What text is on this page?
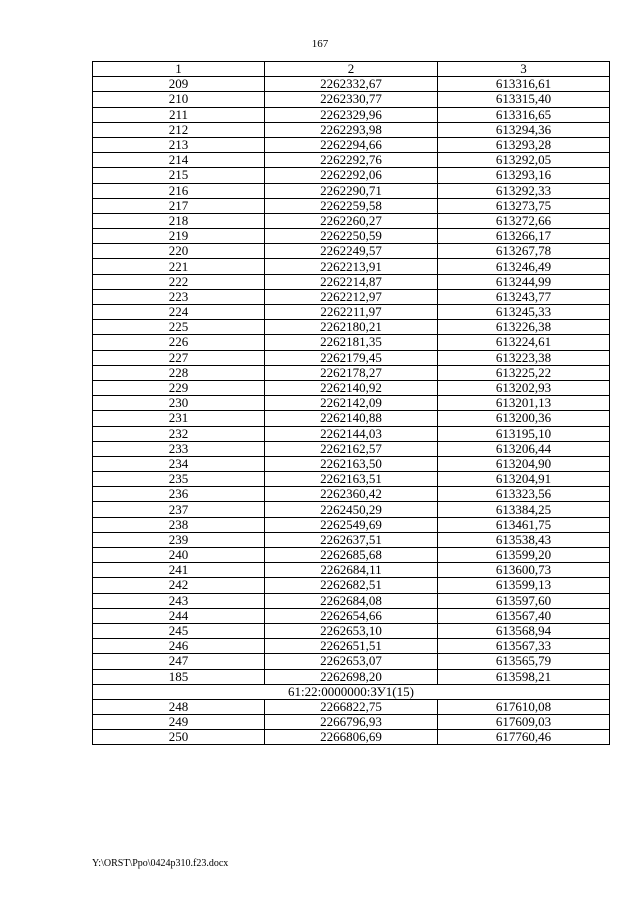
167
1	2	3
209	2262332,67	613316,61
210	2262330,77	613315,40
211	2262329,96	613316,65
212	2262293,98	613294,36
213	2262294,66	613293,28
214	2262292,76	613292,05
215	2262292,06	613293,16
216	2262290,71	613292,33
217	2262259,58	613273,75
218	2262260,27	613272,66
219	2262250,59	613266,17
220	2262249,57	613267,78
221	2262213,91	613246,49
222	2262214,87	613244,99
223	2262212,97	613243,77
224	2262211,97	613245,33
225	2262180,21	613226,38
226	2262181,35	613224,61
227	2262179,45	613223,38
228	2262178,27	613225,22
229	2262140,92	613202,93
230	2262142,09	613201,13
231	2262140,88	613200,36
232	2262144,03	613195,10
233	2262162,57	613206,44
234	2262163,50	613204,90
235	2262163,51	613204,91
236	2262360,42	613323,56
237	2262450,29	613384,25
238	2262549,69	613461,75
239	2262637,51	613538,43
240	2262685,68	613599,20
241	2262684,11	613600,73
242	2262682,51	613599,13
243	2262684,08	613597,60
244	2262654,66	613567,40
245	2262653,10	613568,94
246	2262651,51	613567,33
247	2262653,07	613565,79
185	2262698,20	613598,21
61:22:0000000:ЗУ1(15)		
248	2266822,75	617610,08
249	2266796,93	617609,03
250	2266806,69	617760,46
Y:\ORST\Ppo\0424p310.f23.docx
